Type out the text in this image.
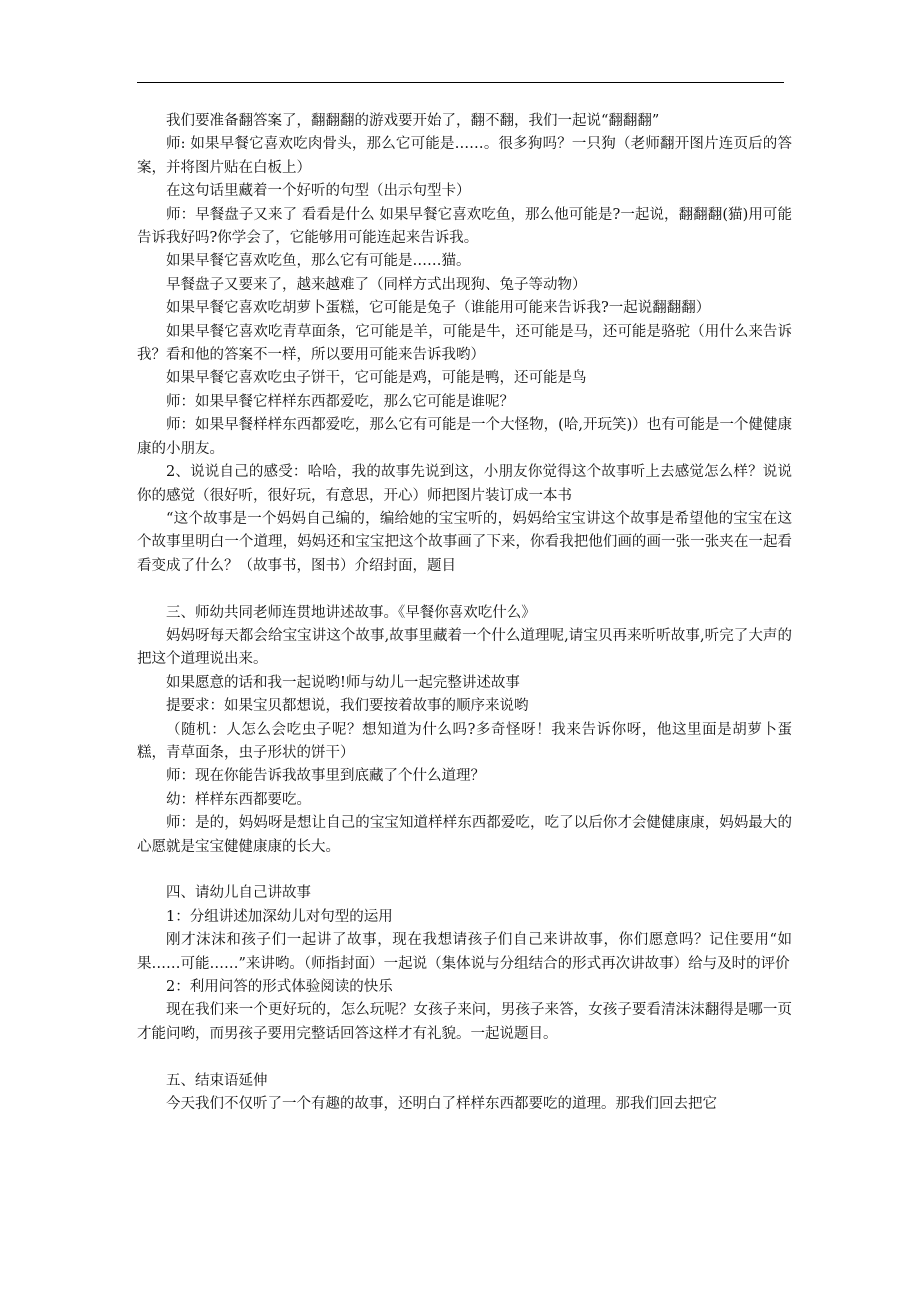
我们要准备翻答案了，翻翻翻的游戏要开始了，翻不翻，我们一起说“翻翻翻”

师: 如果早餐它喜欢吃肉骨头，那么它可能是……。很多狗吗？一只狗（老师翻开图片连页后的答案，并将图片贴在白板上）

在这句话里藏着一个好听的句型（出示句型卡）

师：早餐盘子又来了 看看是什么 如果早餐它喜欢吃鱼，那么他可能是?一起说，翻翻翻(猫)用可能告诉我好吗?你学会了，它能够用可能连起来告诉我。

如果早餐它喜欢吃鱼，那么它有可能是……猫。

早餐盘子又要来了，越来越难了（同样方式出现狗、兔子等动物）

如果早餐它喜欢吃胡萝卜蛋糕，它可能是兔子（谁能用可能来告诉我?一起说翻翻翻）

如果早餐它喜欢吃青草面条，它可能是羊，可能是牛，还可能是马，还可能是骆驼（用什么来告诉我？看和他的答案不一样，所以要用可能来告诉我哟）

如果早餐它喜欢吃虫子饼干，它可能是鸡，可能是鸭，还可能是鸟

师：如果早餐它样样东西都爱吃，那么它可能是谁呢？

师：如果早餐样样东西都爱吃，那么它有可能是一个大怪物，(哈,开玩笑)）也有可能是一个健健康康的小朋友。

2、说说自己的感受：哈哈，我的故事先说到这，小朋友你觉得这个故事听上去感觉怎么样？说说你的感觉（很好听，很好玩，有意思，开心）师把图片装订成一本书

“这个故事是一个妈妈自己编的，编给她的宝宝听的，妈妈给宝宝讲这个故事是希望他的宝宝在这个故事里明白一个道理，妈妈还和宝宝把这个故事画了下来，你看我把他们画的画一张一张夹在一起看看变成了什么？（故事书，图书）介绍封面，题目

三、师幼共同老师连贯地讲述故事。《早餐你喜欢吃什么》

妈妈呀每天都会给宝宝讲这个故事,故事里藏着一个什么道理呢,请宝贝再来听听故事,听完了大声的把这个道理说出来。

如果愿意的话和我一起说哟!师与幼儿一起完整讲述故事

提要求：如果宝贝都想说，我们要按着故事的顺序来说哟

（随机：人怎么会吃虫子呢？想知道为什么吗?多奇怪呀！我来告诉你呀，他这里面是胡萝卜蛋糕，青草面条，虫子形状的饼干）

师：现在你能告诉我故事里到底藏了个什么道理？

幼：样样东西都要吃。

师：是的，妈妈呀是想让自己的宝宝知道样样东西都爱吃，吃了以后你才会健健康康，妈妈最大的心愿就是宝宝健健康康的长大。

四、请幼儿自己讲故事

1：分组讲述加深幼儿对句型的运用

刚才沫沫和孩子们一起讲了故事，现在我想请孩子们自己来讲故事，你们愿意吗？记住要用“如果……可能……”来讲哟。（师指封面）一起说（集体说与分组结合的形式再次讲故事）给与及时的评价

2：利用问答的形式体验阅读的快乐

现在我们来一个更好玩的，怎么玩呢？女孩子来问，男孩子来答，女孩子要看清沫沫翻得是哪一页才能问哟，而男孩子要用完整话回答这样才有礼貌。一起说题目。

五、结束语延伸

今天我们不仅听了一个有趣的故事，还明白了样样东西都要吃的道理。那我们回去把它
